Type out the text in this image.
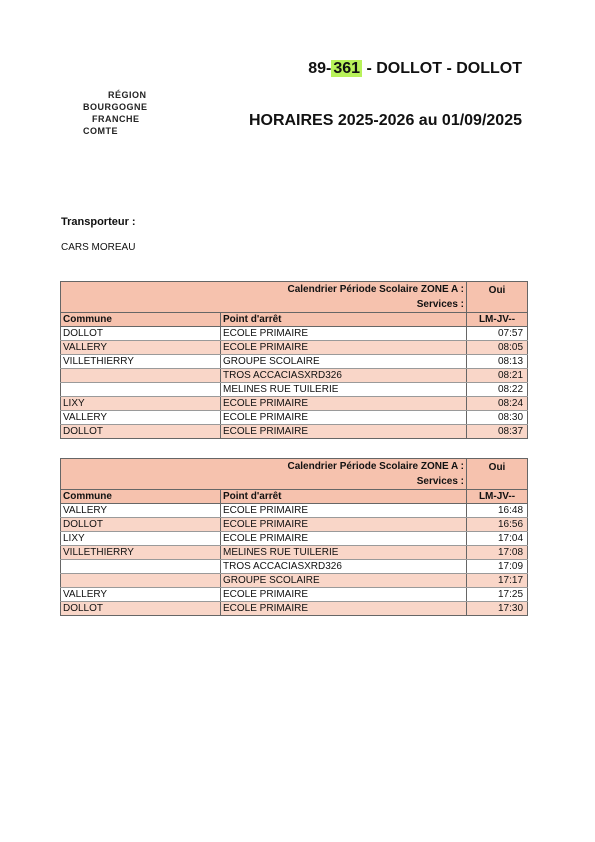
RÉGION
BOURGOGNE
FRANCHE
COMTE
89- 361 - DOLLOT - DOLLOT
HORAIRES 2025-2026 au 01/09/2025
Transporteur :
CARS MOREAU
Calendrier Période Scolaire ZONE A :		Oui
Services :		
Commune	Point d'arrêt	LM-JV--
DOLLOT	ECOLE PRIMAIRE	07:57
VALLERY	ECOLE PRIMAIRE	08:05
VILLETHIERRY	GROUPE SCOLAIRE	08:13
	TROS ACCACIASXRD326	08:21
	MELINES RUE TUILERIE	08:22
LIXY	ECOLE PRIMAIRE	08:24
VALLERY	ECOLE PRIMAIRE	08:30
DOLLOT	ECOLE PRIMAIRE	08:37
Calendrier Période Scolaire ZONE A :		Oui
Services :		
Commune	Point d'arrêt	LM-JV--
VALLERY	ECOLE PRIMAIRE	16:48
DOLLOT	ECOLE PRIMAIRE	16:56
LIXY	ECOLE PRIMAIRE	17:04
VILLETHIERRY	MELINES RUE TUILERIE	17:08
	TROS ACCACIASXRD326	17:09
	GROUPE SCOLAIRE	17:17
VALLERY	ECOLE PRIMAIRE	17:25
DOLLOT	ECOLE PRIMAIRE	17:30
